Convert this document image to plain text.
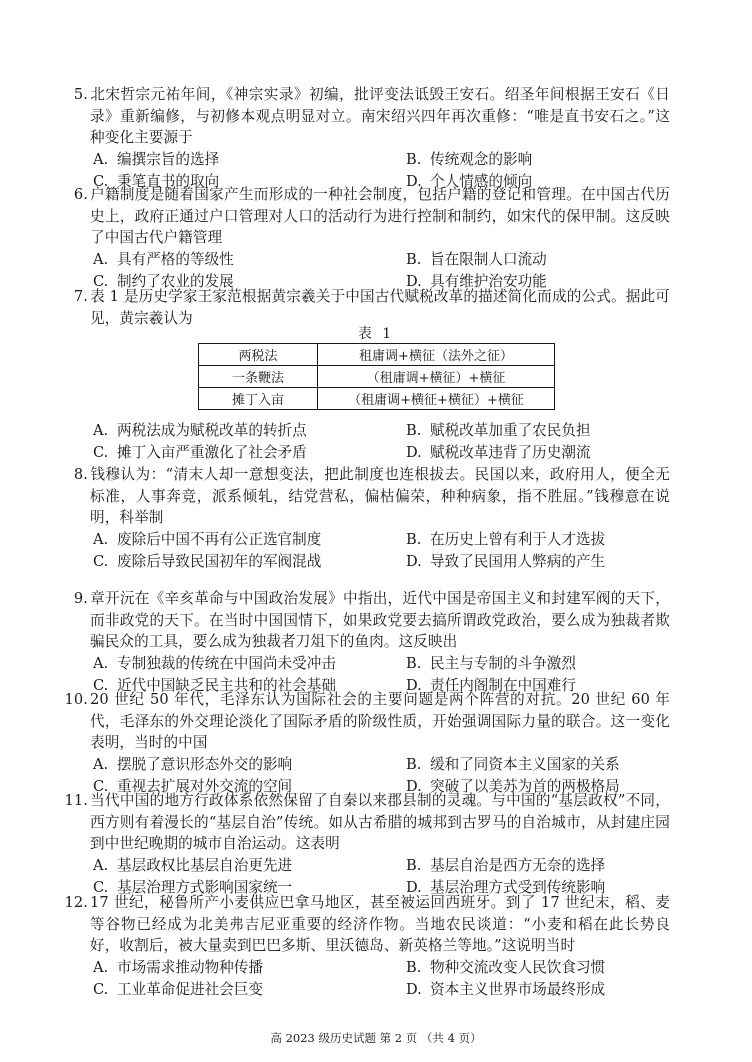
5. 北宋哲宗元祐年间，《神宗实录》初编，批评变法诋毁王安石。绍圣年间根据王安石《日录》重新编修，与初修本观点明显对立。南宋绍兴四年再次重修：“唯是直书安石之。”这种变化主要源于
A. 编撰宗旨的选择	B. 传统观念的影响
C. 秉笔直书的取向	D. 个人情感的倾向
6. 户籍制度是随着国家产生而形成的一种社会制度，包括户籍的登记和管理。在中国古代历史上，政府正通过户口管理对人口的活动行为进行控制和制约，如宋代的保甲制。这反映了中国古代户籍管理
A. 具有严格的等级性	B. 旨在限制人口流动
C. 制约了农业的发展	D. 具有维护治安功能
7. 表 1 是历史学家王家范根据黄宗羲关于中国古代赋税改革的描述简化而成的公式。据此可见，黄宗羲认为
表 1
两税法	租庸调+横征（法外之征）
一条鞭法	（租庸调+横征）+横征
摊丁入亩	（租庸调+横征+横征）+横征
A. 两税法成为赋税改革的转折点	B. 赋税改革加重了农民负担
C. 摊丁入亩严重激化了社会矛盾	D. 赋税改革违背了历史潮流
8. 钱穆认为：“清末人却一意想变法，把此制度也连根拔去。民国以来，政府用人，便全无标准，人事奔竞，派系倾轧，结党营私，偏枯偏荣，种种病象，指不胜屈。”钱穆意在说明，科举制
A. 废除后中国不再有公正选官制度	B. 在历史上曾有利于人才选拔
C. 废除后导致民国初年的军阀混战	D. 导致了民国用人弊病的产生
9. 章开沅在《辛亥革命与中国政治发展》中指出，近代中国是帝国主义和封建军阀的天下，而非政党的天下。在当时中国国情下，如果政党要去搞所谓政党政治，要么成为独裁者欺骗民众的工具，要么成为独裁者刀俎下的鱼肉。这反映出
A. 专制独裁的传统在中国尚未受冲击	B. 民主与专制的斗争激烈
C. 近代中国缺乏民主共和的社会基础	D. 责任内阁制在中国难行
10. 20 世纪 50 年代，毛泽东认为国际社会的主要问题是两个阵营的对抗。20 世纪 60 年代，毛泽东的外交理论淡化了国际矛盾的阶级性质，开始强调国际力量的联合。这一变化表明，当时的中国
A. 摆脱了意识形态外交的影响	B. 缓和了同资本主义国家的关系
C. 重视去扩展对外交流的空间	D. 突破了以美苏为首的两极格局
11. 当代中国的地方行政体系依然保留了自秦以来郡县制的灵魂。与中国的“基层政权”不同，西方则有着漫长的“基层自治”传统。如从古希腊的城邦到古罗马的自治城市，从封建庄园到中世纪晚期的城市自治运动。这表明
A. 基层政权比基层自治更先进	B. 基层自治是西方无奈的选择
C. 基层治理方式影响国家统一	D. 基层治理方式受到传统影响
12. 17 世纪，秘鲁所产小麦供应巴拿马地区，甚至被运回西班牙。到了 17 世纪末，稻、麦等谷物已经成为北美弗吉尼亚重要的经济作物。当地农民谈道：“小麦和稻在此长势良好，收割后，被大量卖到巴巴多斯、里沃德岛、新英格兰等地。”这说明当时
A. 市场需求推动物种传播	B. 物种交流改变人民饮食习惯
C. 工业革命促进社会巨变	D. 资本主义世界市场最终形成
高 2023 级历史试题 第 2 页 （共 4 页）
